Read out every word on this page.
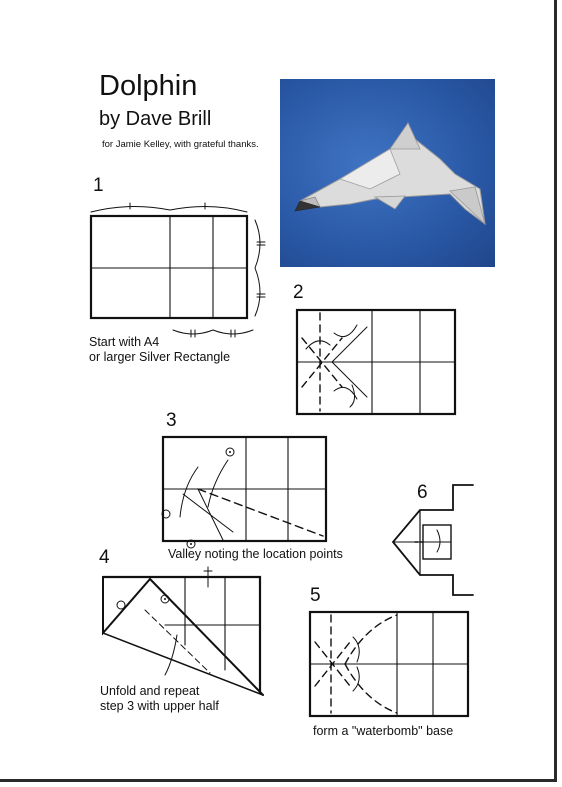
Dolphin
by Dave Brill
for Jamie Kelley, with grateful thanks.
1
Start with A4
or larger Silver Rectangle
2
3
Valley noting the location points
6
4
Unfold and repeat
step 3 with upper half
5
form a "waterbomb" base
